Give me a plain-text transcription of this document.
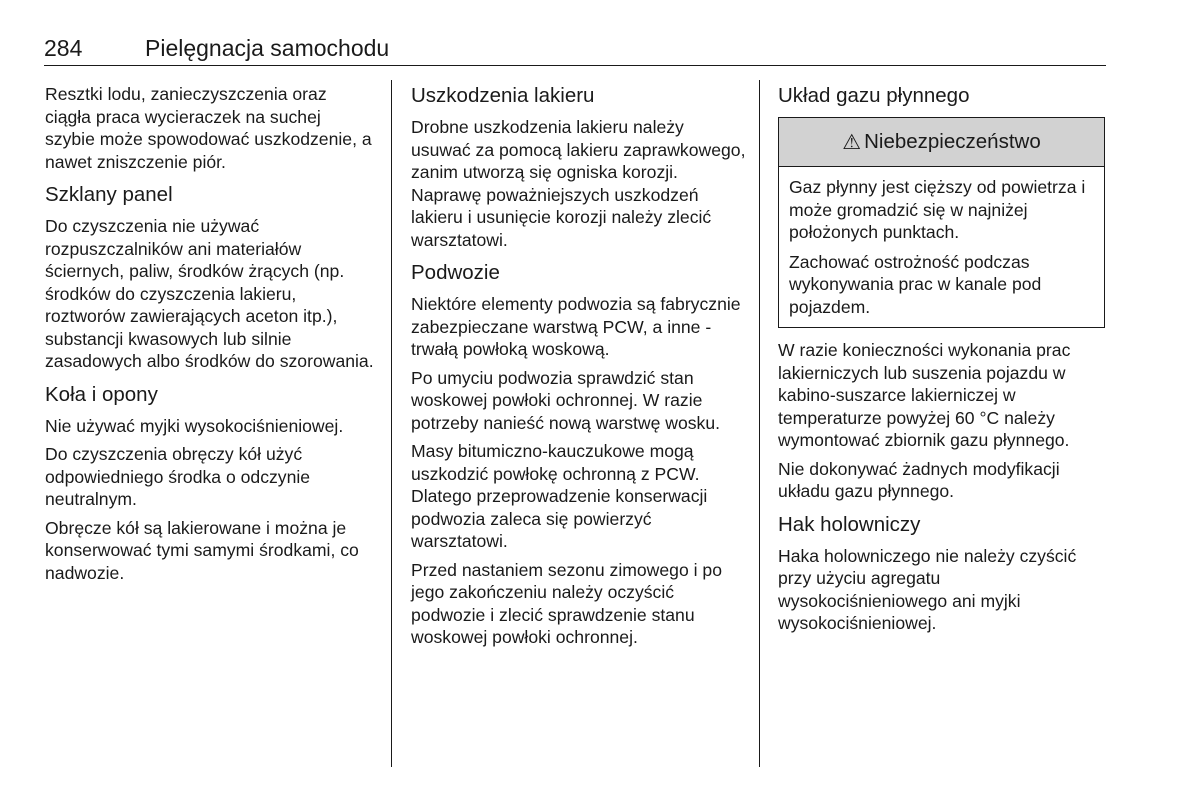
284	Pielęgnacja samochodu

Resztki lodu, zanieczyszczenia oraz ciągła praca wycieraczek na suchej szybie może spowodować uszkodzenie, a nawet zniszczenie piór.

Szklany panel

Do czyszczenia nie używać rozpuszczalników ani materiałów ściernych, paliw, środków żrących (np. środków do czyszczenia lakieru, roztworów zawierających aceton itp.), substancji kwasowych lub silnie zasadowych albo środków do szorowania.

Koła i opony

Nie używać myjki wysokociśnieniowej.

Do czyszczenia obręczy kół użyć odpowiedniego środka o odczynie neutralnym.

Obręcze kół są lakierowane i można je konserwować tymi samymi środkami, co nadwozie.

Uszkodzenia lakieru

Drobne uszkodzenia lakieru należy usuwać za pomocą lakieru zaprawkowego, zanim utworzą się ogniska korozji. Naprawę poważniejszych uszkodzeń lakieru i usunięcie korozji należy zlecić warsztatowi.

Podwozie

Niektóre elementy podwozia są fabrycznie zabezpieczane warstwą PCW, a inne - trwałą powłoką woskową.

Po umyciu podwozia sprawdzić stan woskowej powłoki ochronnej. W razie potrzeby nanieść nową warstwę wosku.

Masy bitumiczno-kauczukowe mogą uszkodzić powłokę ochronną z PCW. Dlatego przeprowadzenie konserwacji podwozia zaleca się powierzyć warsztatowi.

Przed nastaniem sezonu zimowego i po jego zakończeniu należy oczyścić podwozie i zlecić sprawdzenie stanu woskowej powłoki ochronnej.

Układ gazu płynnego
⚠ Niebezpieczeństwo

Gaz płynny jest cięższy od powietrza i może gromadzić się w najniżej położonych punktach.

Zachować ostrożność podczas wykonywania prac w kanale pod pojazdem.

W razie konieczności wykonania prac lakierniczych lub suszenia pojazdu w kabino-suszarce lakierniczej w temperaturze powyżej 60 °C należy wymontować zbiornik gazu płynnego.

Nie dokonywać żadnych modyfikacji układu gazu płynnego.

Hak holowniczy

Haka holowniczego nie należy czyścić przy użyciu agregatu wysokociśnieniowego ani myjki wysokociśnieniowej.
